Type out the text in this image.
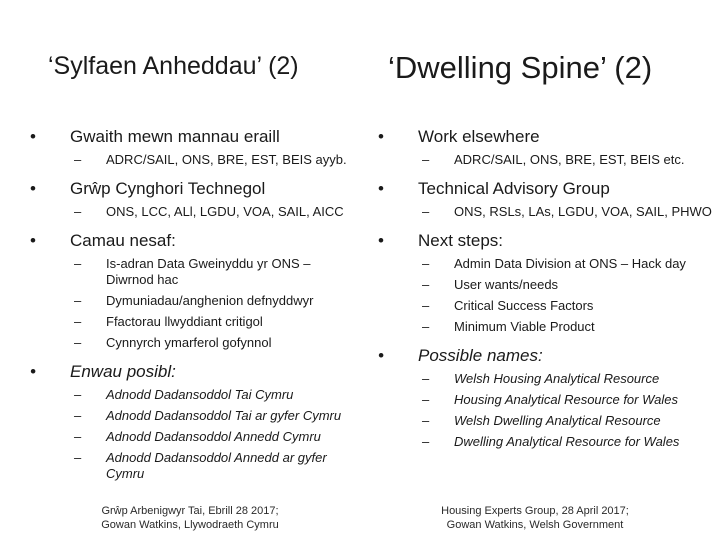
‘Sylfaen Anheddau’ (2)
• Gwaith mewn mannau eraill
– ADRC/SAIL, ONS, BRE, EST, BEIS ayyb.
• Grŵp Cynghori Technegol
– ONS, LCC, ALl, LGDU, VOA, SAIL, AICC
• Camau nesaf:
– Is-adran Data Gweinyddu yr ONS – Diwrnod hac
– Dymuniadau/anghenion defnyddwyr
– Ffactorau llwyddiant critigol
– Cynnyrch ymarferol gofynnol
• Enwau posibl:
– Adnodd Dadansoddol Tai Cymru
– Adnodd Dadansoddol Tai ar gyfer Cymru
– Adnodd Dadansoddol Annedd Cymru
– Adnodd Dadansoddol Annedd ar gyfer Cymru
Grŵp Arbenigwyr Tai, Ebrill 28 2017;
Gowan Watkins, Llywodraeth Cymru
‘Dwelling Spine’ (2)
• Work elsewhere
– ADRC/SAIL, ONS, BRE, EST, BEIS etc.
• Technical Advisory Group
– ONS, RSLs, LAs, LGDU, VOA, SAIL, PHWO
• Next steps:
– Admin Data Division at ONS – Hack day
– User wants/needs
– Critical Success Factors
– Minimum Viable Product
• Possible names:
– Welsh Housing Analytical Resource
– Housing Analytical Resource for Wales
– Welsh Dwelling Analytical Resource
– Dwelling Analytical Resource for Wales
Housing Experts Group, 28 April 2017;
Gowan Watkins, Welsh Government
